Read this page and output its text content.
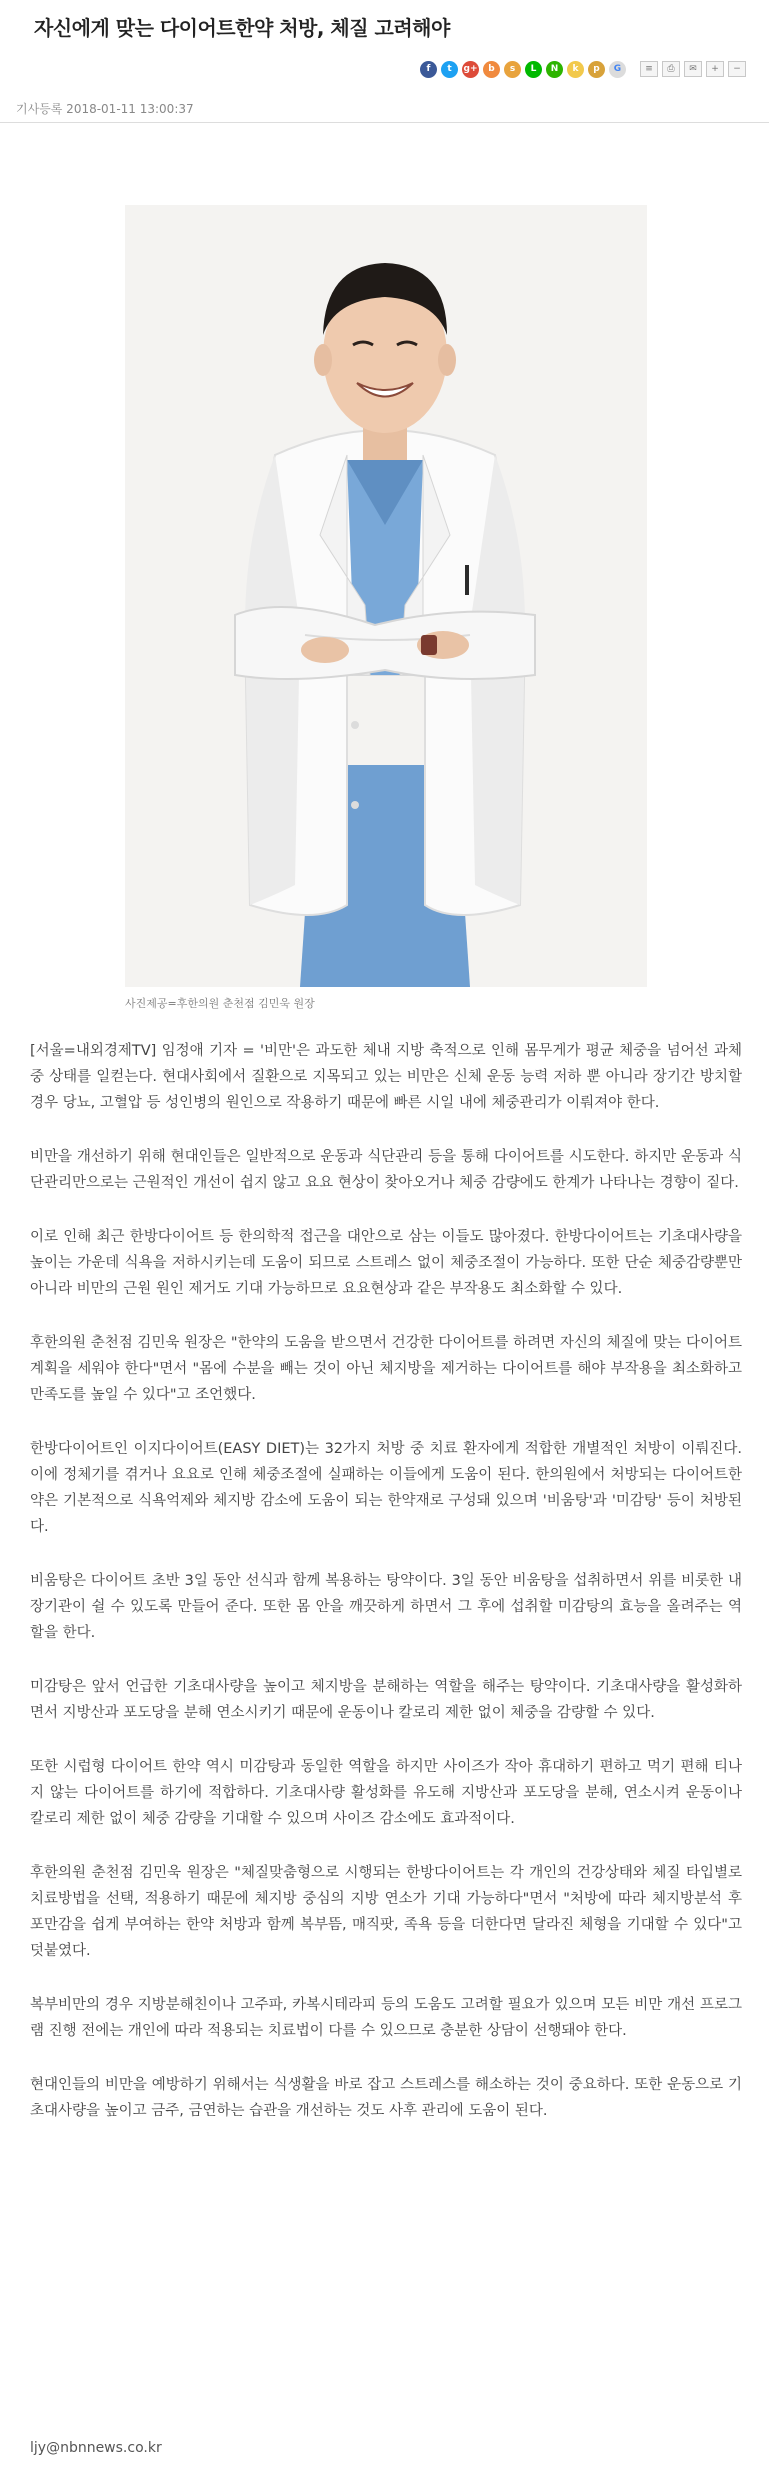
자신에게 맞는 다이어트한약 처방, 체질 고려해야
f	t	g+	b	s	L	N	k	p	G	≡	⎙	✉	+	−
기사등록 2018-01-11 13:00:37
사진제공=후한의원 춘천점 김민욱 원장

[서울=내외경제TV] 임정애 기자 = '비만'은 과도한 체내 지방 축적으로 인해 몸무게가 평균 체중을 넘어선 과체중 상태를 일컫는다. 현대사회에서 질환으로 지목되고 있는 비만은 신체 운동 능력 저하 뿐 아니라 장기간 방치할 경우 당뇨, 고혈압 등 성인병의 원인으로 작용하기 때문에 빠른 시일 내에 체중관리가 이뤄져야 한다.

비만을 개선하기 위해 현대인들은 일반적으로 운동과 식단관리 등을 통해 다이어트를 시도한다. 하지만 운동과 식단관리만으로는 근원적인 개선이 쉽지 않고 요요 현상이 찾아오거나 체중 감량에도 한계가 나타나는 경향이 짙다.

이로 인해 최근 한방다이어트 등 한의학적 접근을 대안으로 삼는 이들도 많아졌다. 한방다이어트는 기초대사량을 높이는 가운데 식욕을 저하시키는데 도움이 되므로 스트레스 없이 체중조절이 가능하다. 또한 단순 체중감량뿐만 아니라 비만의 근원 원인 제거도 기대 가능하므로 요요현상과 같은 부작용도 최소화할 수 있다.

후한의원 춘천점 김민욱 원장은 "한약의 도움을 받으면서 건강한 다이어트를 하려면 자신의 체질에 맞는 다이어트 계획을 세워야 한다"면서 "몸에 수분을 빼는 것이 아닌 체지방을 제거하는 다이어트를 해야 부작용을 최소화하고 만족도를 높일 수 있다"고 조언했다.

한방다이어트인 이지다이어트(EASY DIET)는 32가지 처방 중 치료 환자에게 적합한 개별적인 처방이 이뤄진다. 이에 정체기를 겪거나 요요로 인해 체중조절에 실패하는 이들에게 도움이 된다. 한의원에서 처방되는 다이어트한약은 기본적으로 식욕억제와 체지방 감소에 도움이 되는 한약재로 구성돼 있으며 '비움탕'과 '미감탕' 등이 처방된다.

비움탕은 다이어트 초반 3일 동안 선식과 함께 복용하는 탕약이다. 3일 동안 비움탕을 섭취하면서 위를 비롯한 내장기관이 쉴 수 있도록 만들어 준다. 또한 몸 안을 깨끗하게 하면서 그 후에 섭취할 미감탕의 효능을 올려주는 역할을 한다.

미감탕은 앞서 언급한 기초대사량을 높이고 체지방을 분해하는 역할을 해주는 탕약이다. 기초대사량을 활성화하면서 지방산과 포도당을 분해 연소시키기 때문에 운동이나 칼로리 제한 없이 체중을 감량할 수 있다.

또한 시럽형 다이어트 한약 역시 미감탕과 동일한 역할을 하지만 사이즈가 작아 휴대하기 편하고 먹기 편해 티나지 않는 다이어트를 하기에 적합하다. 기초대사량 활성화를 유도해 지방산과 포도당을 분해, 연소시켜 운동이나 칼로리 제한 없이 체중 감량을 기대할 수 있으며 사이즈 감소에도 효과적이다.

후한의원 춘천점 김민욱 원장은 "체질맞춤형으로 시행되는 한방다이어트는 각 개인의 건강상태와 체질 타입별로 치료방법을 선택, 적용하기 때문에 체지방 중심의 지방 연소가 기대 가능하다"면서 "처방에 따라 체지방분석 후 포만감을 쉽게 부여하는 한약 처방과 함께 복부뜸, 매직팟, 족욕 등을 더한다면 달라진 체형을 기대할 수 있다"고 덧붙였다.

복부비만의 경우 지방분해친이나 고주파, 카복시테라피 등의 도움도 고려할 필요가 있으며 모든 비만 개선 프로그램 진행 전에는 개인에 따라 적용되는 치료법이 다를 수 있으므로 충분한 상담이 선행돼야 한다.

현대인들의 비만을 예방하기 위해서는 식생활을 바로 잡고 스트레스를 해소하는 것이 중요하다. 또한 운동으로 기초대사량을 높이고 금주, 금연하는 습관을 개선하는 것도 사후 관리에 도움이 된다.

ljy@nbnnews.co.kr
